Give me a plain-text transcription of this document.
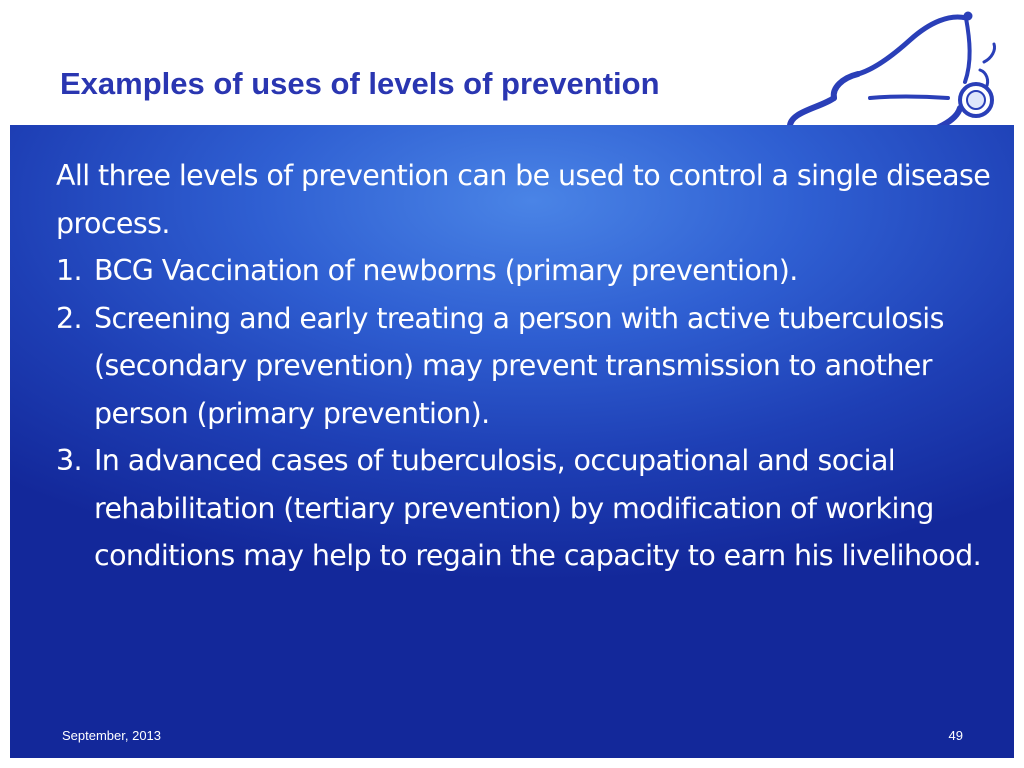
Examples of uses of levels of prevention

All three levels of prevention can be used to control a single disease process.

1. BCG Vaccination of newborns (primary prevention).
2. Screening and early treating a person with active tuberculosis (secondary prevention) may prevent transmission to another person (primary prevention).
3. In advanced cases of tuberculosis, occupational and social rehabilitation (tertiary prevention) by modification of working conditions may help to regain the capacity to earn his livelihood.
September, 2013	49
